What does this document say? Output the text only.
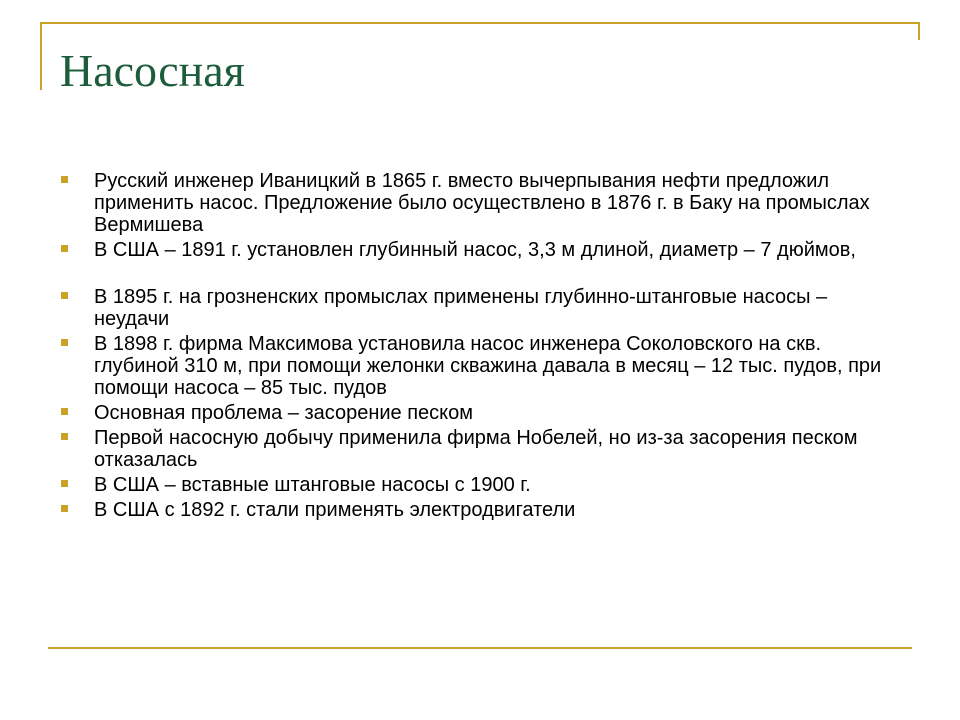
Насосная
Русский инженер Иваницкий в 1865 г. вместо вычерпывания нефти предложил применить насос. Предложение было осуществлено в 1876 г. в Баку на промыслах Вермишева
В США – 1891 г. установлен глубинный насос, 3,3 м длиной, диаметр – 7 дюймов,
В 1895 г. на грозненских промыслах применены глубинно-штанговые насосы – неудачи
В 1898 г. фирма Максимова установила насос инженера Соколовского на скв. глубиной 310 м, при помощи желонки скважина давала в месяц – 12 тыс. пудов, при помощи насоса – 85 тыс. пудов
Основная проблема – засорение песком
Первой насосную добычу применила фирма Нобелей, но из-за засорения песком отказалась
В США – вставные штанговые насосы с 1900 г.
В США с 1892 г. стали применять электродвигатели
